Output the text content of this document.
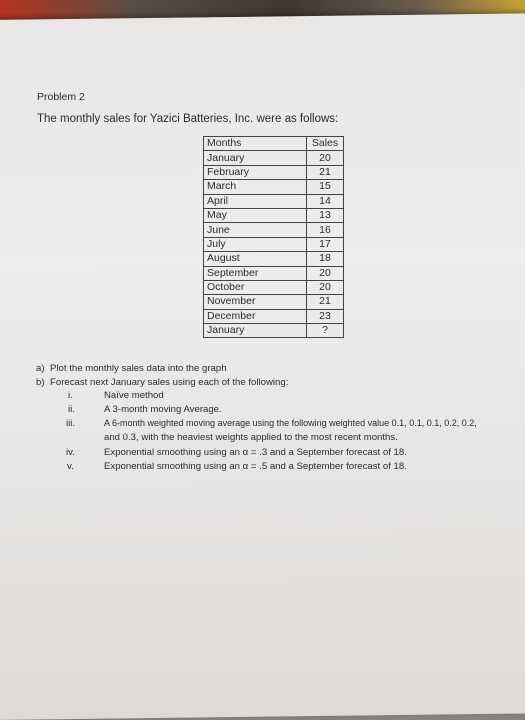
Problem 2
The monthly sales for Yazici Batteries, Inc. were as follows:
Months	Sales
January	20
February	21
March	15
April	14
May	13
June	16
July	17
August	18
September	20
October	20
November	21
December	23
January	?
a) Plot the monthly sales data into the graph
b) Forecast next January sales using each of the following:
i.	Naïve method
ii.	A 3-month moving Average.
iii.	A 6-month weighted moving average using the following weighted value 0.1, 0.1, 0.1, 0.2, 0.2,
and 0.3, with the heaviest weights applied to the most recent months.
iv.	Exponential smoothing using an α = .3 and a September forecast of 18.
v.	Exponential smoothing using an α = .5 and a September forecast of 18.
